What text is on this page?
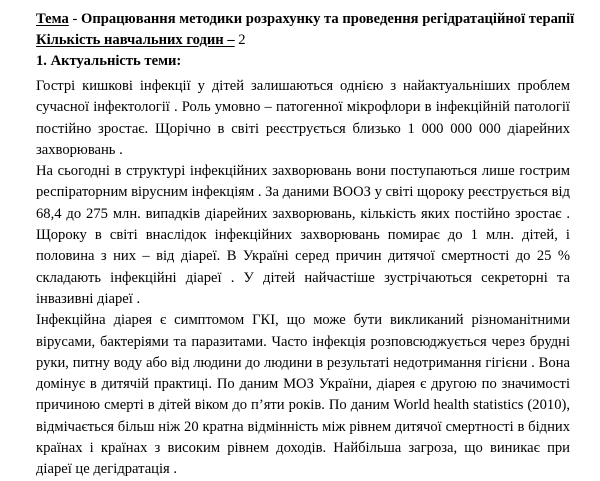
Тема - Опрацювання методики розрахунку та проведення регідратаційної терапії
Кількість навчальних годин – 2
1. Актуальність теми:

Гострі кишкові інфекції у дітей залишаються однією з найактуальніших проблем сучасної інфектології . Роль умовно – патогенної мікрофлори в інфекційній патології постійно зростає. Щорічно в світі реєструється близько 1 000 000 000 діарейних захворювань .

На сьогодні в структурі інфекційних захворювань вони поступаються лише гострим респіраторним вірусним інфекціям . За даними ВООЗ у світі щороку реєструється від 68,4 до 275 млн. випадків діарейних захворювань, кількість яких постійно зростає . Щороку в світі внаслідок інфекційних захворювань помирає до 1 млн. дітей, і половина з них – від діареї. В Україні серед причин дитячої смертності до 25 % складають інфекційні діареї . У дітей найчастіше зустрічаються секреторні та інвазивні діареї .

Інфекційна діарея є симптомом ГКІ, що може бути викликаний різноманітними вірусами, бактеріями та паразитами. Часто інфекція розповсюджується через брудні руки, питну воду або від людини до людини в результаті недотримання гігієни . Вона домінує в дитячій практиці. По даним МОЗ України, діарея є другою по значимості причиною смерті в дітей віком до п’яти років. По даним World health statistics (2010), відмічається більш ніж 20 кратна відмінність між рівнем дитячої смертності в бідних країнах і країнах з високим рівнем доходів. Найбільша загроза, що виникає при діареї це дегідратація .
